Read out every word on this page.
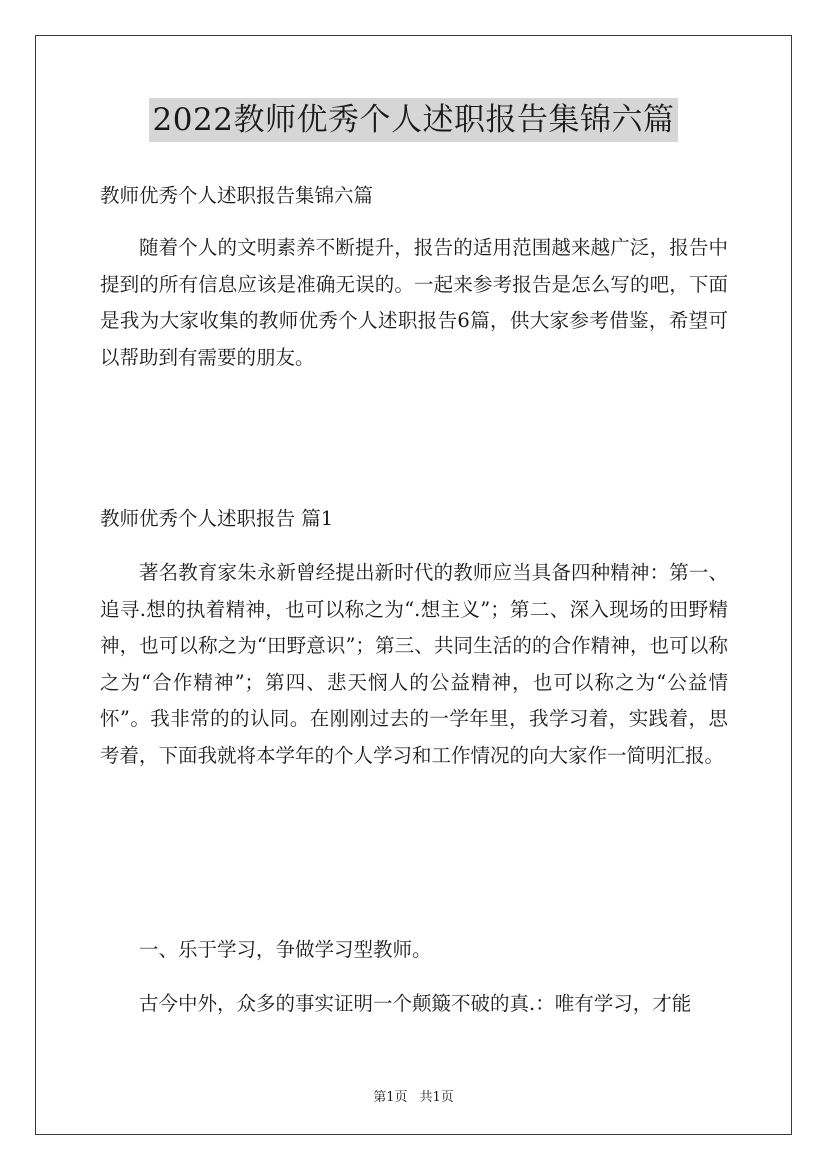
2022教师优秀个人述职报告集锦六篇

教师优秀个人述职报告集锦六篇

随着个人的文明素养不断提升，报告的适用范围越来越广泛，报告中提到的所有信息应该是准确无误的。一起来参考报告是怎么写的吧，下面是我为大家收集的教师优秀个人述职报告6篇，供大家参考借鉴，希望可以帮助到有需要的朋友。

教师优秀个人述职报告 篇1

著名教育家朱永新曾经提出新时代的教师应当具备四种精神：第一、追寻.想的执着精神，也可以称之为“.想主义”；第二、深入现场的田野精神，也可以称之为“田野意识”；第三、共同生活的的合作精神，也可以称之为“合作精神”；第四、悲天悯人的公益精神，也可以称之为“公益情怀”。我非常的的认同。在刚刚过去的一学年里，我学习着，实践着，思考着，下面我就将本学年的个人学习和工作情况的向大家作一简明汇报。

一、乐于学习，争做学习型教师。

古今中外，众多的事实证明一个颠簸不破的真.：唯有学习，才能

第1页 共1页
